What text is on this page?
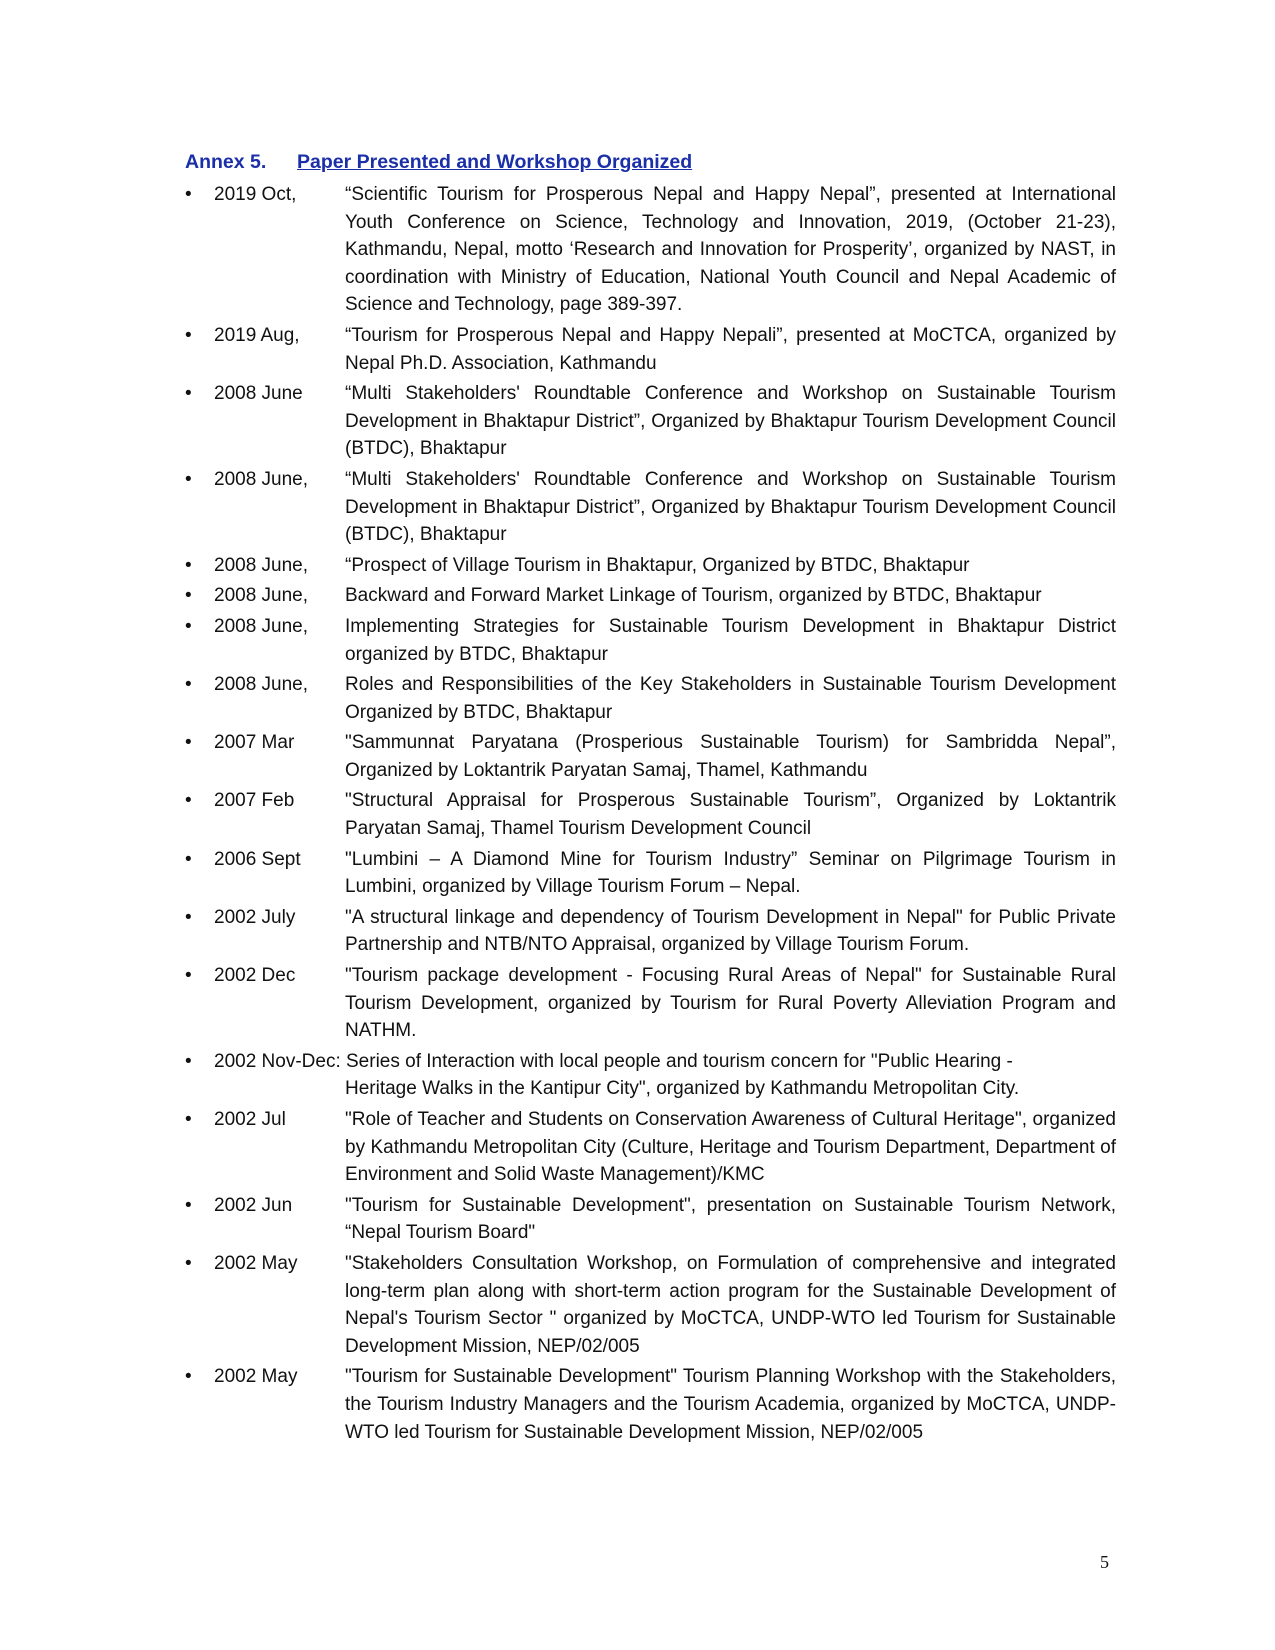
Annex 5. Paper Presented and Workshop Organized
• 2019 Oct,	“Scientific Tourism for Prosperous Nepal and Happy Nepal”, presented at International Youth Conference on Science, Technology and Innovation, 2019, (October 21-23), Kathmandu, Nepal, motto ‘Research and Innovation for Prosperity’, organized by NAST, in coordination with Ministry of Education, National Youth Council and Nepal Academic of Science and Technology, page 389-397.
• 2019 Aug, “Tourism for Prosperous Nepal and Happy Nepali”, presented at MoCTCA, organized by Nepal Ph.D. Association, Kathmandu
• 2008 June “Multi Stakeholders' Roundtable Conference and Workshop on Sustainable Tourism Development in Bhaktapur District”, Organized by Bhaktapur Tourism Development Council (BTDC), Bhaktapur
• 2008 June, “Multi Stakeholders' Roundtable Conference and Workshop on Sustainable Tourism Development in Bhaktapur District”, Organized by Bhaktapur Tourism Development Council (BTDC), Bhaktapur
• 2008 June, “Prospect of Village Tourism in Bhaktapur, Organized by BTDC, Bhaktapur
• 2008 June, Backward and Forward Market Linkage of Tourism, organized by BTDC, Bhaktapur
• 2008 June, Implementing Strategies for Sustainable Tourism Development in Bhaktapur District organized by BTDC, Bhaktapur
• 2008 June, Roles and Responsibilities of the Key Stakeholders in Sustainable Tourism Development Organized by BTDC, Bhaktapur
• 2007 Mar	"Sammunnat Paryatana (Prosperious Sustainable Tourism) for Sambridda Nepal”, Organized by Loktantrik Paryatan Samaj, Thamel, Kathmandu
• 2007 Feb	"Structural Appraisal for Prosperous Sustainable Tourism”, Organized by Loktantrik Paryatan Samaj, Thamel Tourism Development Council
• 2006 Sept "Lumbini – A Diamond Mine for Tourism Industry” Seminar on Pilgrimage Tourism in Lumbini, organized by Village Tourism Forum – Nepal.
• 2002 July	"A structural linkage and dependency of Tourism Development in Nepal" for Public Private Partnership and NTB/NTO Appraisal, organized by Village Tourism Forum.
• 2002 Dec	"Tourism package development - Focusing Rural Areas of Nepal" for Sustainable Rural Tourism Development, organized by Tourism for Rural Poverty Alleviation Program and NATHM.
• 2002 Nov-Dec: Series of Interaction with local people and tourism concern for "Public Hearing -
Heritage Walks in the Kantipur City", organized by Kathmandu Metropolitan City.
• 2002 Jul	"Role of Teacher and Students on Conservation Awareness of Cultural Heritage", organized by Kathmandu Metropolitan City (Culture, Heritage and Tourism Department, Department of Environment and Solid Waste Management)/KMC
• 2002 Jun	"Tourism for Sustainable Development", presentation on Sustainable Tourism Network, “Nepal Tourism Board"
• 2002 May	"Stakeholders Consultation Workshop, on Formulation of comprehensive and integrated long-term plan along with short-term action program for the Sustainable Development of Nepal's Tourism Sector " organized by MoCTCA, UNDP-WTO led Tourism for Sustainable Development Mission, NEP/02/005
• 2002 May	"Tourism for Sustainable Development" Tourism Planning Workshop with the Stakeholders, the Tourism Industry Managers and the Tourism Academia, organized by MoCTCA, UNDP-WTO led Tourism for Sustainable Development Mission, NEP/02/005
5
